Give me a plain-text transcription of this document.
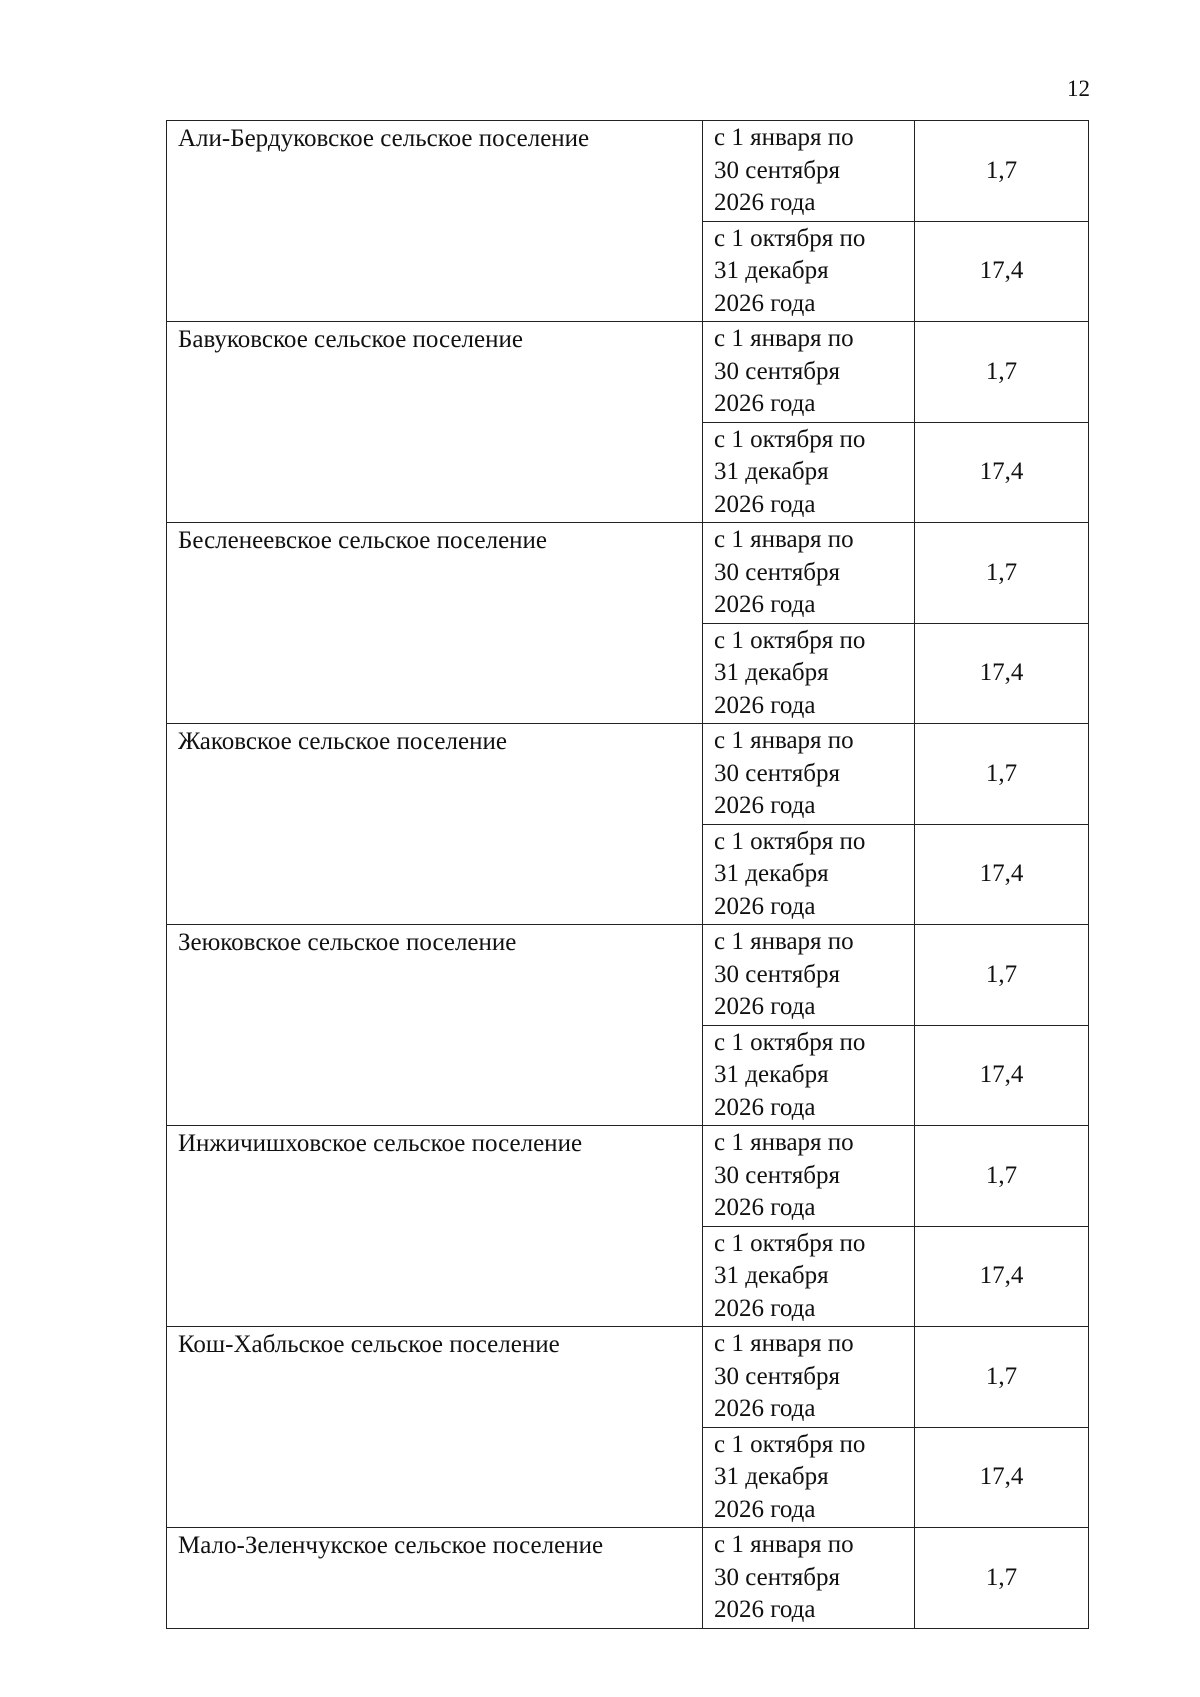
12
Али-Бердуковское сельское поселение	с 1 января по
30 сентября
2026 года	1,7

	с 1 октября по
31 декабря
2026 года	17,4
Бавуковское сельское поселение	с 1 января по
30 сентября
2026 года	1,7

	с 1 октября по
31 декабря
2026 года	17,4
Бесленеевское сельское поселение	с 1 января по
30 сентября
2026 года	1,7

	с 1 октября по
31 декабря
2026 года	17,4
Жаковское сельское поселение	с 1 января по
30 сентября
2026 года	1,7

	с 1 октября по
31 декабря
2026 года	17,4
Зеюковское сельское поселение	с 1 января по
30 сентября
2026 года	1,7

	с 1 октября по
31 декабря
2026 года	17,4
Инжичишховское сельское поселение	с 1 января по
30 сентября
2026 года	1,7

	с 1 октября по
31 декабря
2026 года	17,4
Кош-Хабльское сельское поселение	с 1 января по
30 сентября
2026 года	1,7

	с 1 октября по
31 декабря
2026 года	17,4
Мало-Зеленчукское сельское поселение	с 1 января по
30 сентября
2026 года	1,7
